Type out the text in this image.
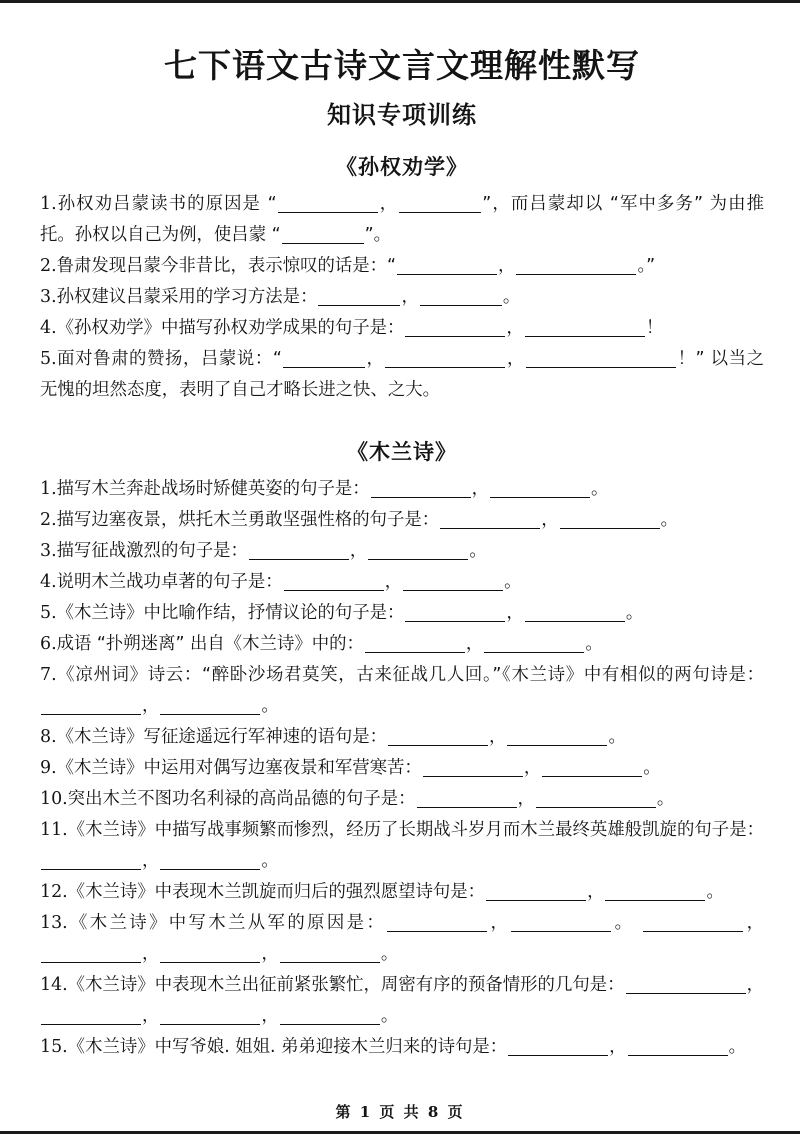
七下语文古诗文言文理解性默写
知识专项训练
《孙权劝学》

1.孙权劝吕蒙读书的原因是 “	，	”，而吕蒙却以 “军中多务” 为由推托。孙权以自己为例，使吕蒙 “	”。

2.鲁肃发现吕蒙今非昔比，表示惊叹的话是：“	，	。”

3.孙权建议吕蒙采用的学习方法是：	，	。

4.《孙权劝学》中描写孙权劝学成果的句子是：	，	！

5.面对鲁肃的赞扬，吕蒙说：“	，	，	！” 以当之无愧的坦然态度，表明了自己才略长进之快、之大。

《木兰诗》

1.描写木兰奔赴战场时矫健英姿的句子是：	，	。

2.描写边塞夜景，烘托木兰勇敢坚强性格的句子是：	，	。

3.描写征战激烈的句子是：	，	。

4.说明木兰战功卓著的句子是：	，	。

5.《木兰诗》中比喻作结，抒情议论的句子是：	，	。

6.成语 “扑朔迷离” 出自《木兰诗》中的：	，	。

7.《凉州词》诗云：“醉卧沙场君莫笑，古来征战几人回。”《木兰诗》中有相似的两句诗是：，	。

8.《木兰诗》写征途遥远行军神速的语句是：	，	。

9.《木兰诗》中运用对偶写边塞夜景和军营寒苦：	，	。

10.突出木兰不图功名利禄的高尚品德的句子是：	，	。

11.《木兰诗》中描写战事频繁而惨烈，经历了长期战斗岁月而木兰最终英雄般凯旋的句子是：，	。

12.《木兰诗》中表现木兰凯旋而归后的强烈愿望诗句是：	，	。

13.《木兰诗》中写木兰从军的原因是：	，	。	，，	，	。

14.《木兰诗》中表现木兰出征前紧张繁忙，周密有序的预备情形的几句是：	，，	，	。

15.《木兰诗》中写爷娘. 姐姐. 弟弟迎接木兰归来的诗句是：	，	。

第 1 页 共 8 页
